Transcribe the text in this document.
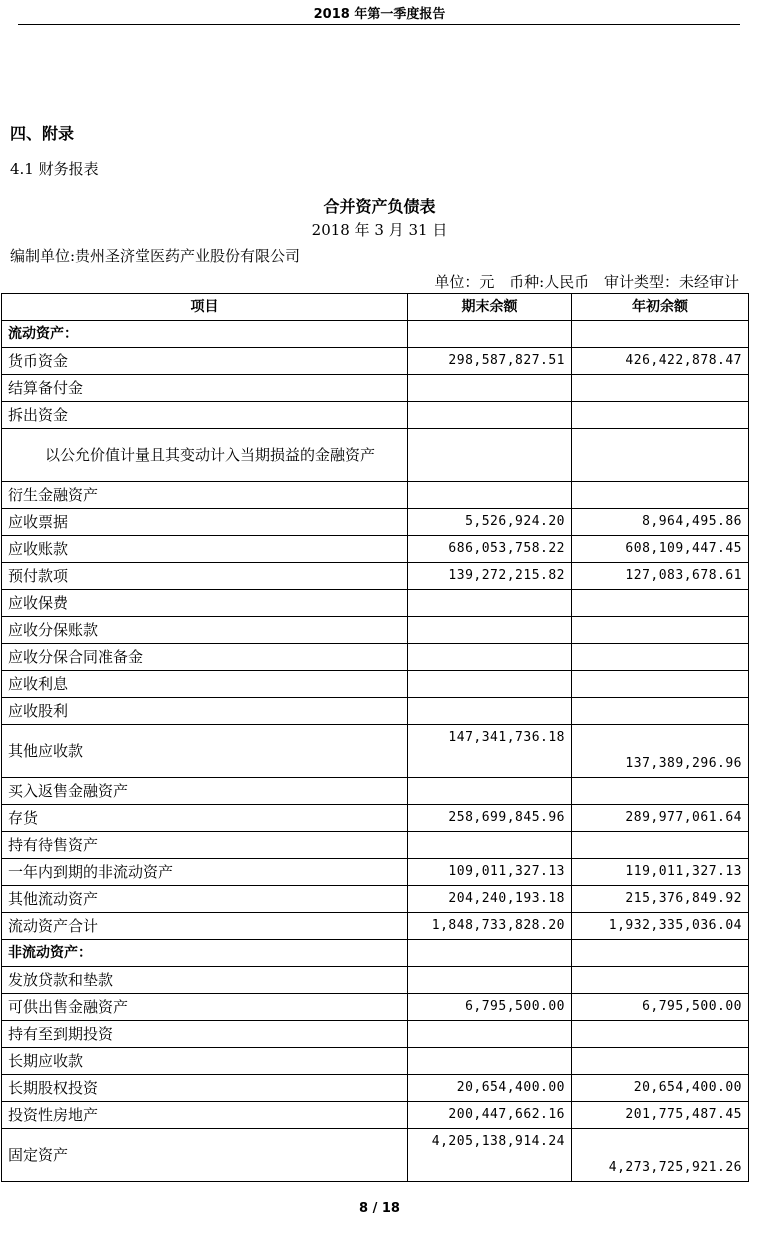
2018 年第一季度报告
四、附录
4.1 财务报表
合并资产负债表
2018 年 3 月 31 日
编制单位:贵州圣济堂医药产业股份有限公司
单位：元 币种:人民币 审计类型：未经审计
项目	期末余额	年初余额
流动资产：		
货币资金	298,587,827.51	426,422,878.47
结算备付金		
拆出资金		

以公允价值计量且其变动计入当期损益的金融资产		

衍生金融资产		
应收票据	5,526,924.20	8,964,495.86
应收账款	686,053,758.22	608,109,447.45
预付款项	139,272,215.82	127,083,678.61
应收保费		
应收分保账款		
应收分保合同准备金		
应收利息		
应收股利		
其他应收款	147,341,736.18	137,389,296.96
买入返售金融资产		
存货	258,699,845.96	289,977,061.64
持有待售资产		
一年内到期的非流动资产	109,011,327.13	119,011,327.13
其他流动资产	204,240,193.18	215,376,849.92
流动资产合计	1,848,733,828.20	1,932,335,036.04
非流动资产：		
发放贷款和垫款		
可供出售金融资产	6,795,500.00	6,795,500.00
持有至到期投资		
长期应收款		
长期股权投资	20,654,400.00	20,654,400.00
投资性房地产	200,447,662.16	201,775,487.45
固定资产	4,205,138,914.24	4,273,725,921.26
8 / 18
